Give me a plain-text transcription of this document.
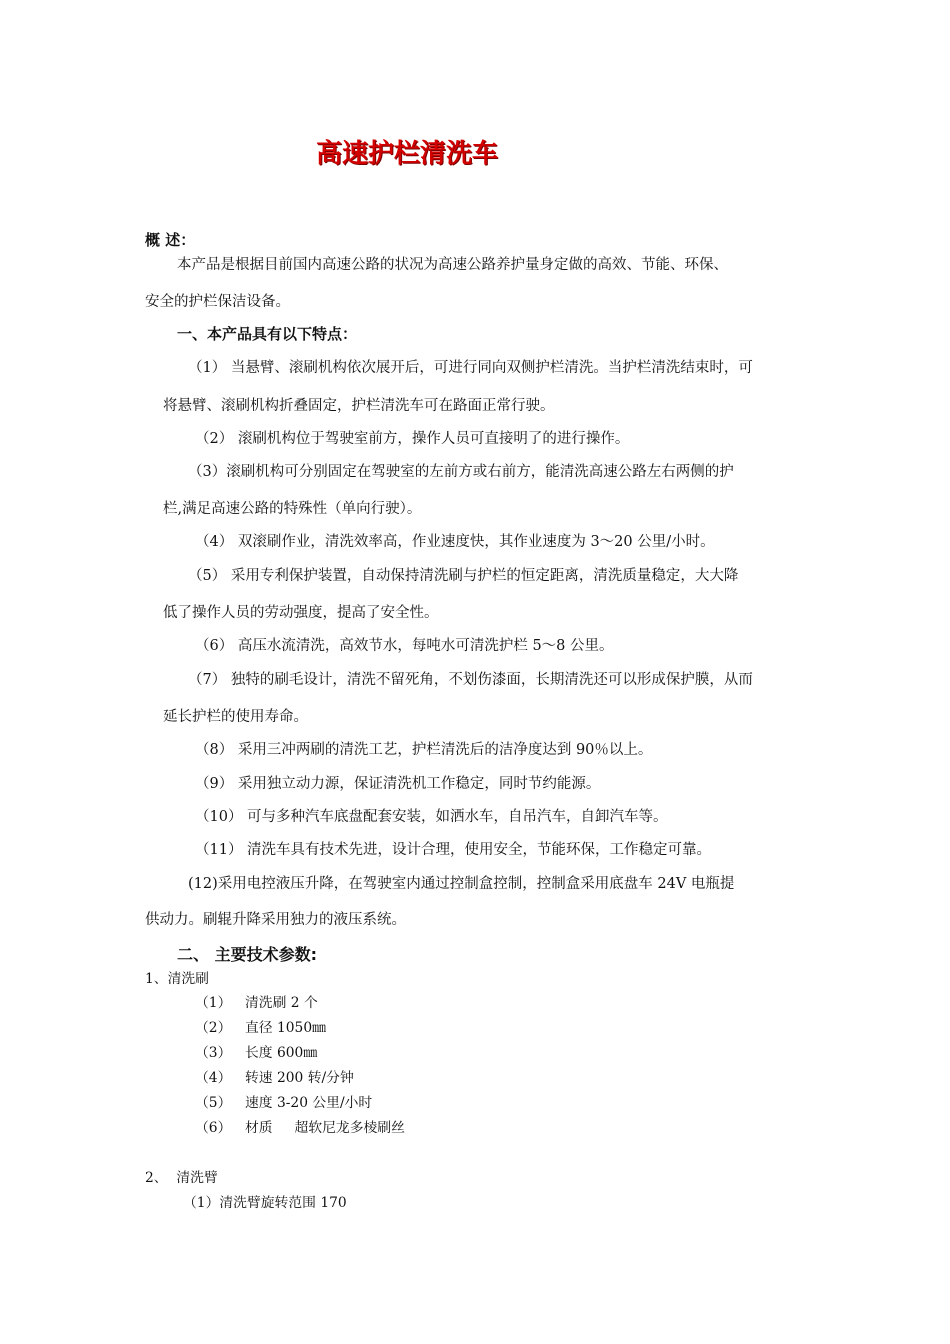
高速护栏清洗车
概 述：
本产品是根据目前国内高速公路的状况为高速公路养护量身定做的高效、节能、环保、
安全的护栏保洁设备。
一、本产品具有以下特点：
（1） 当悬臂、滚刷机构依次展开后，可进行同向双侧护栏清洗。当护栏清洗结束时，可
将悬臂、滚刷机构折叠固定，护栏清洗车可在路面正常行驶。
（2） 滚刷机构位于驾驶室前方，操作人员可直接明了的进行操作。
（3）滚刷机构可分别固定在驾驶室的左前方或右前方，能清洗高速公路左右两侧的护
栏,满足高速公路的特殊性（单向行驶）。
（4） 双滚刷作业，清洗效率高，作业速度快，其作业速度为 3～20 公里/小时。
（5） 采用专利保护装置，自动保持清洗刷与护栏的恒定距离，清洗质量稳定，大大降
低了操作人员的劳动强度，提高了安全性。
（6） 高压水流清洗，高效节水，每吨水可清洗护栏 5～8 公里。
（7） 独特的刷毛设计，清洗不留死角，不划伤漆面，长期清洗还可以形成保护膜，从而
延长护栏的使用寿命。
（8） 采用三冲两刷的清洗工艺，护栏清洗后的洁净度达到 90％以上。
（9） 采用独立动力源，保证清洗机工作稳定，同时节约能源。
（10） 可与多种汽车底盘配套安装，如洒水车，自吊汽车，自卸汽车等。
（11） 清洗车具有技术先进，设计合理，使用安全，节能环保，工作稳定可靠。
(12)采用电控液压升降，在驾驶室内通过控制盒控制，控制盒采用底盘车 24V 电瓶提
供动力。刷辊升降采用独力的液压系统。
二、 主要技术参数:
1、清洗刷
（1） 清洗刷 2 个
（2） 直径 1050㎜
（3） 长度 600㎜
（4） 转速 200 转/分钟
（5） 速度 3-20 公里/小时
（6） 材质     超软尼龙多棱刷丝
2、  清洗臂
（1）清洗臂旋转范围 170
